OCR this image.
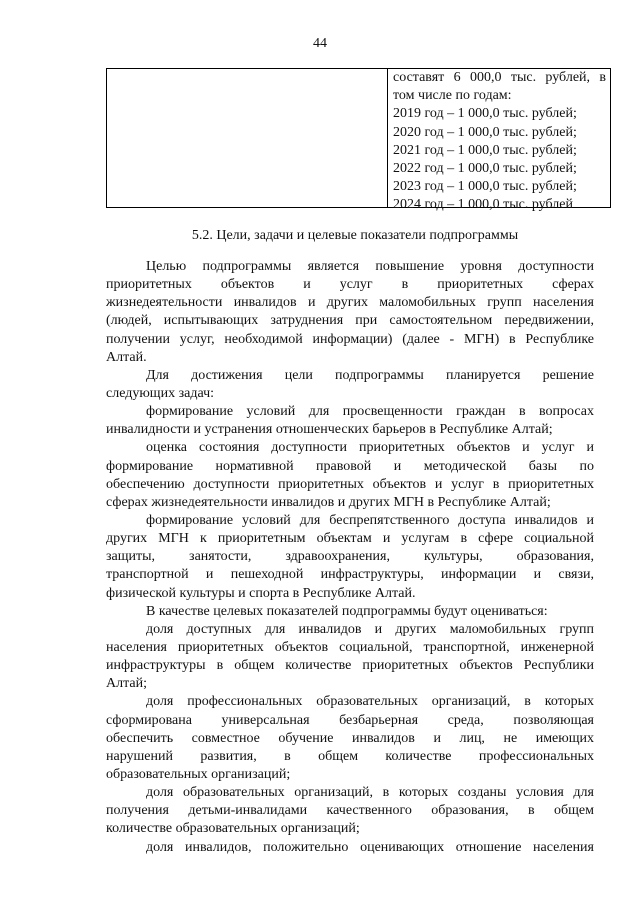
44
составят 6 000,0 тыс. рублей, в
том числе по годам:
2019 год – 1 000,0 тыс. рублей;
2020 год – 1 000,0 тыс. рублей;
2021 год – 1 000,0 тыс. рублей;
2022 год – 1 000,0 тыс. рублей;
2023 год – 1 000,0 тыс. рублей;
2024 год – 1 000,0 тыс. рублей
5.2. Цели, задачи и целевые показатели подпрограммы
Целью подпрограммы является повышение уровня доступности
приоритетных объектов и услуг в приоритетных сферах
жизнедеятельности инвалидов и других маломобильных групп населения
(людей, испытывающих затруднения при самостоятельном передвижении,
получении услуг, необходимой информации) (далее - МГН) в Республике
Алтай.
Для достижения цели подпрограммы планируется решение
следующих задач:
формирование условий для просвещенности граждан в вопросах
инвалидности и устранения отношенческих барьеров в Республике Алтай;
оценка состояния доступности приоритетных объектов и услуг и
формирование нормативной правовой и методической базы по
обеспечению доступности приоритетных объектов и услуг в приоритетных
сферах жизнедеятельности инвалидов и других МГН в Республике Алтай;
формирование условий для беспрепятственного доступа инвалидов и
других МГН к приоритетным объектам и услугам в сфере социальной
защиты, занятости, здравоохранения, культуры, образования,
транспортной и пешеходной инфраструктуры, информации и связи,
физической культуры и спорта в Республике Алтай.
В качестве целевых показателей подпрограммы будут оцениваться:
доля доступных для инвалидов и других маломобильных групп
населения приоритетных объектов социальной, транспортной, инженерной
инфраструктуры в общем количестве приоритетных объектов Республики
Алтай;
доля профессиональных образовательных организаций, в которых
сформирована универсальная безбарьерная среда, позволяющая
обеспечить совместное обучение инвалидов и лиц, не имеющих
нарушений развития, в общем количестве профессиональных
образовательных организаций;
доля образовательных организаций, в которых созданы условия для
получения детьми-инвалидами качественного образования, в общем
количестве образовательных организаций;
доля инвалидов, положительно оценивающих отношение населения
